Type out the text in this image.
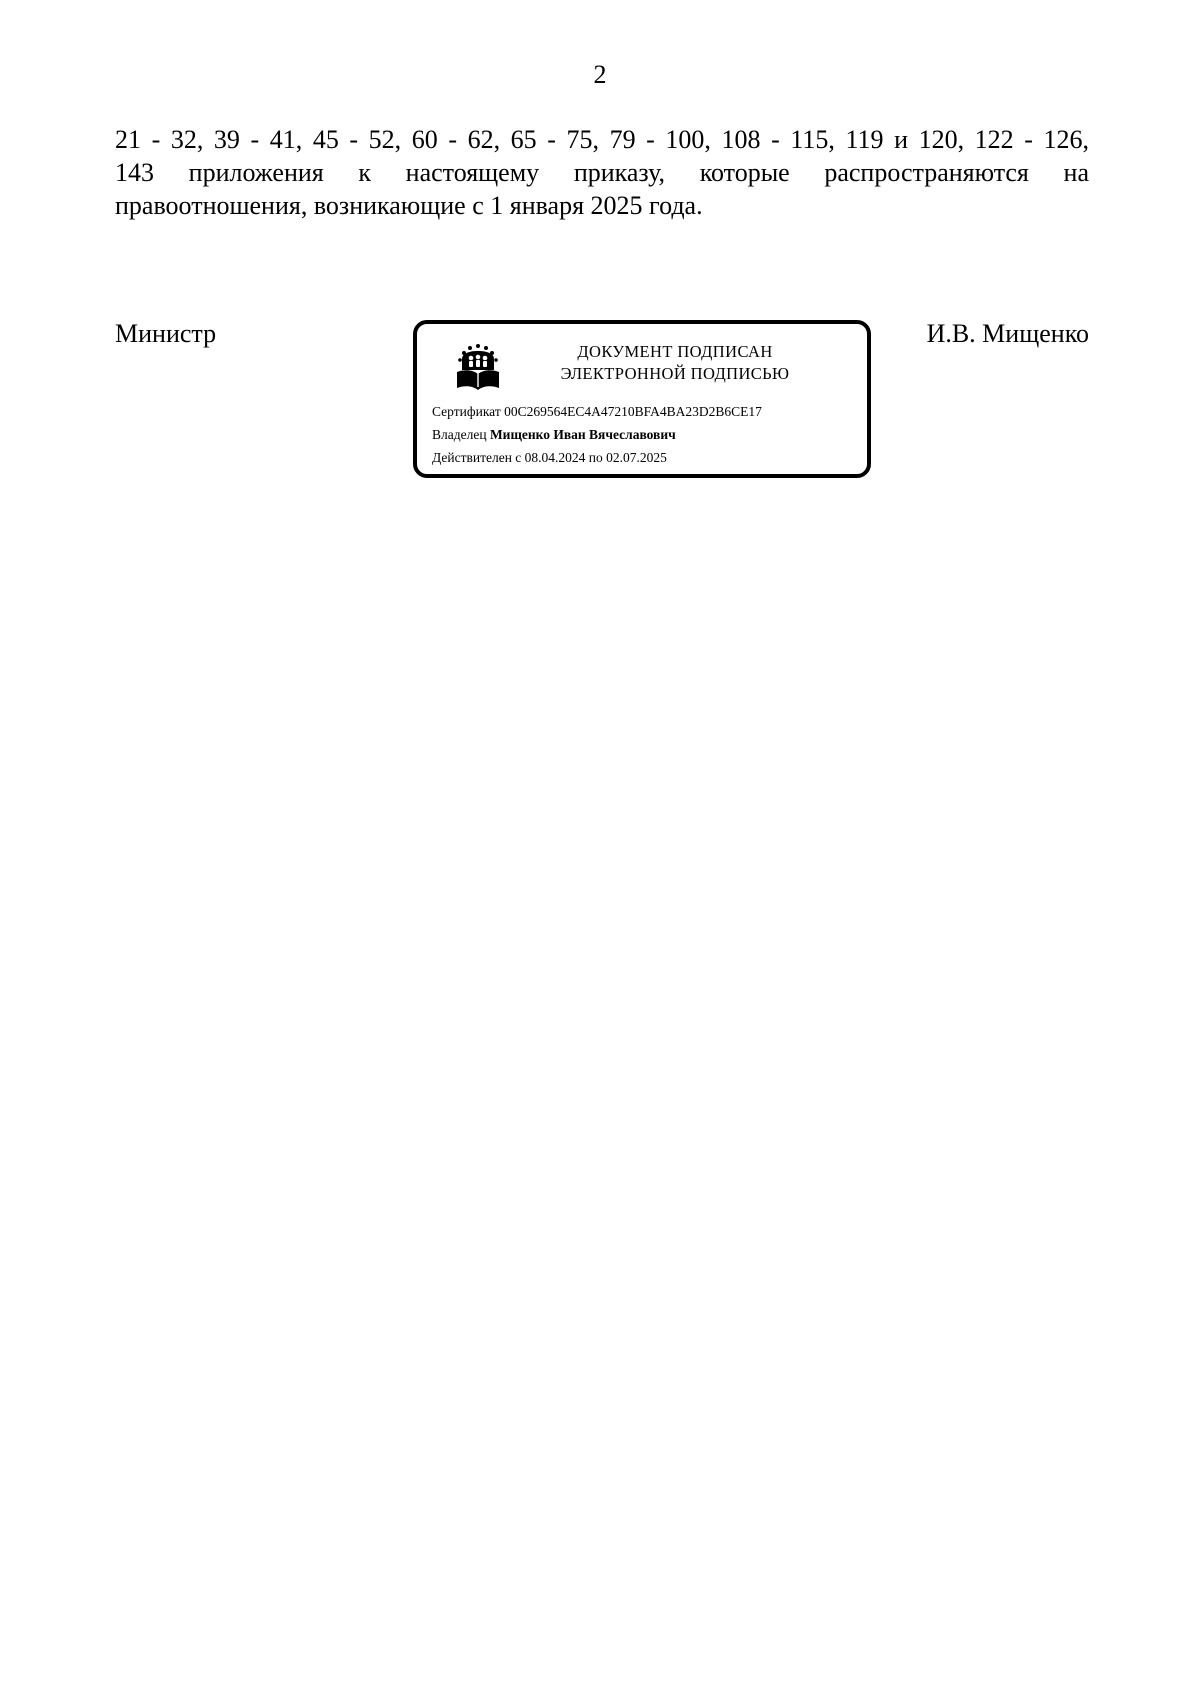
2
21 - 32, 39 - 41, 45 - 52, 60 - 62, 65 - 75, 79 - 100, 108 - 115, 119 и 120, 122 - 126,
143 приложения к настоящему приказу, которые распространяются на
правоотношения, возникающие с 1 января 2025 года.
Министр	И.В. Мищенко
ДОКУМЕНТ ПОДПИСАН
ЭЛЕКТРОННОЙ ПОДПИСЬЮ
Сертификат 00C269564EC4A47210BFA4BA23D2B6CE17
Владелец Мищенко Иван Вячеславович
Действителен с 08.04.2024 по 02.07.2025
